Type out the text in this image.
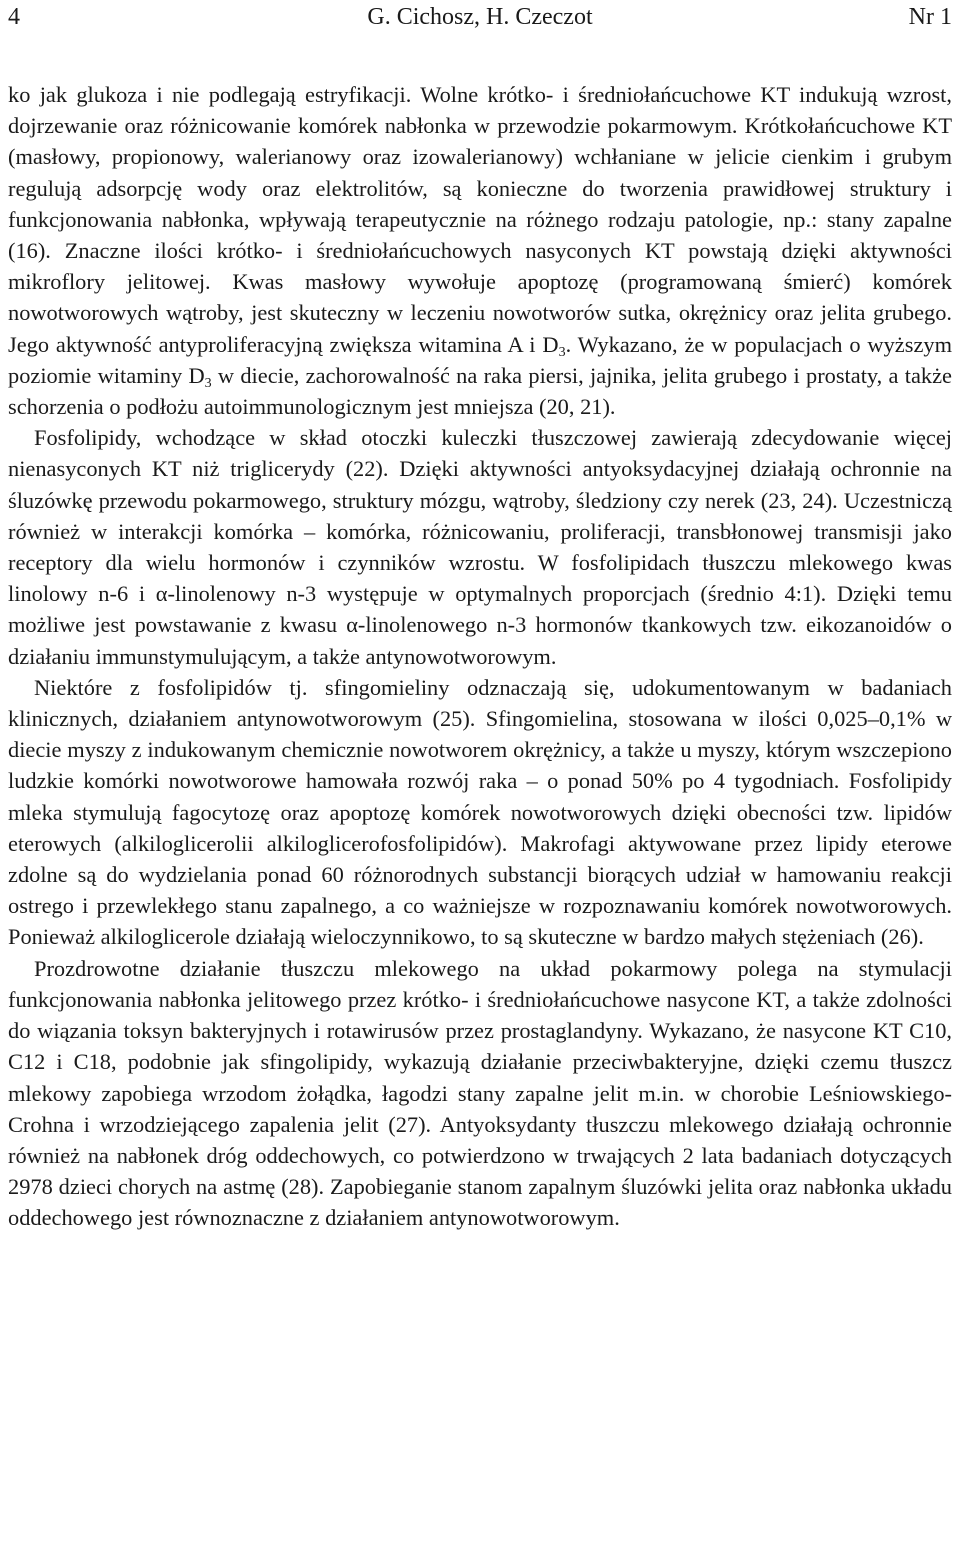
4	G. Cichosz, H. Czeczot	Nr 1

ko jak glukoza i nie podlegają estryfikacji. Wolne krótko- i średniołańcuchowe KT indukują wzrost, dojrzewanie oraz różnicowanie komórek nabłonka w przewodzie pokarmowym. Krótkołańcuchowe KT (masłowy, propionowy, walerianowy oraz izowalerianowy) wchłaniane w jelicie cienkim i grubym regulują adsorpcję wody oraz elektrolitów, są konieczne do tworzenia prawidłowej struktury i funkcjonowania nabłonka, wpływają terapeutycznie na różnego rodzaju patologie, np.: stany zapalne (16). Znaczne ilości krótko- i średniołańcuchowych nasyconych KT powstają dzięki aktywności mikroflory jelitowej. Kwas masłowy wywołuje apoptozę (programowaną śmierć) komórek nowotworowych wątroby, jest skuteczny w leczeniu nowotworów sutka, okrężnicy oraz jelita grubego. Jego aktywność antyproliferacyjną zwiększa witamina A i $D_3$. Wykazano, że w populacjach o wyższym poziomie witaminy $D_3$ w diecie, zachorowalność na raka piersi, jajnika, jelita grubego i prostaty, a także schorzenia o podłożu autoimmunologicznym jest mniejsza (20, 21).

Fosfolipidy, wchodzące w skład otoczki kuleczki tłuszczowej zawierają zdecydowanie więcej nienasyconych KT niż triglicerydy (22). Dzięki aktywności antyoksydacyjnej działają ochronnie na śluzówkę przewodu pokarmowego, struktury mózgu, wątroby, śledziony czy nerek (23, 24). Uczestniczą również w interakcji komórka – komórka, różnicowaniu, proliferacji, transbłonowej transmisji jako receptory dla wielu hormonów i czynników wzrostu. W fosfolipidach tłuszczu mlekowego kwas linolowy n-6 i α-linolenowy n-3 występuje w optymalnych proporcjach (średnio 4:1). Dzięki temu możliwe jest powstawanie z kwasu α-linolenowego n-3 hormonów tkankowych tzw. eikozanoidów o działaniu immunstymulującym, a także antynowotworowym.

Niektóre z fosfolipidów tj. sfingomieliny odznaczają się, udokumentowanym w badaniach klinicznych, działaniem antynowotworowym (25). Sfingomielina, stosowana w ilości 0,025–0,1% w diecie myszy z indukowanym chemicznie nowotworem okrężnicy, a także u myszy, którym wszczepiono ludzkie komórki nowotworowe hamowała rozwój raka – o ponad 50% po 4 tygodniach. Fosfolipidy mleka stymulują fagocytozę oraz apoptozę komórek nowotworowych dzięki obecności tzw. lipidów eterowych (alkiloglicerolii alkiloglicerofosfolipidów). Makrofagi aktywowane przez lipidy eterowe zdolne są do wydzielania ponad 60 różnorodnych substancji biorących udział w hamowaniu reakcji ostrego i przewlekłego stanu zapalnego, a co ważniejsze w rozpoznawaniu komórek nowotworowych. Ponieważ alkiloglicerole działają wieloczynnikowo, to są skuteczne w bardzo małych stężeniach (26).

Prozdrowotne działanie tłuszczu mlekowego na układ pokarmowy polega na stymulacji funkcjonowania nabłonka jelitowego przez krótko- i średniołańcuchowe nasycone KT, a także zdolności do wiązania toksyn bakteryjnych i rotawirusów przez prostaglandyny. Wykazano, że nasycone KT C10, C12 i C18, podobnie jak sfingolipidy, wykazują działanie przeciwbakteryjne, dzięki czemu tłuszcz mlekowy zapobiega wrzodom żołądka, łagodzi stany zapalne jelit m.in. w chorobie Leśniowskiego-Crohna i wrzodziejącego zapalenia jelit (27). Antyoksydanty tłuszczu mlekowego działają ochronnie również na nabłonek dróg oddechowych, co potwierdzono w trwających 2 lata badaniach dotyczących 2978 dzieci chorych na astmę (28). Zapobieganie stanom zapalnym śluzówki jelita oraz nabłonka układu oddechowego jest równoznaczne z działaniem antynowotworowym.
